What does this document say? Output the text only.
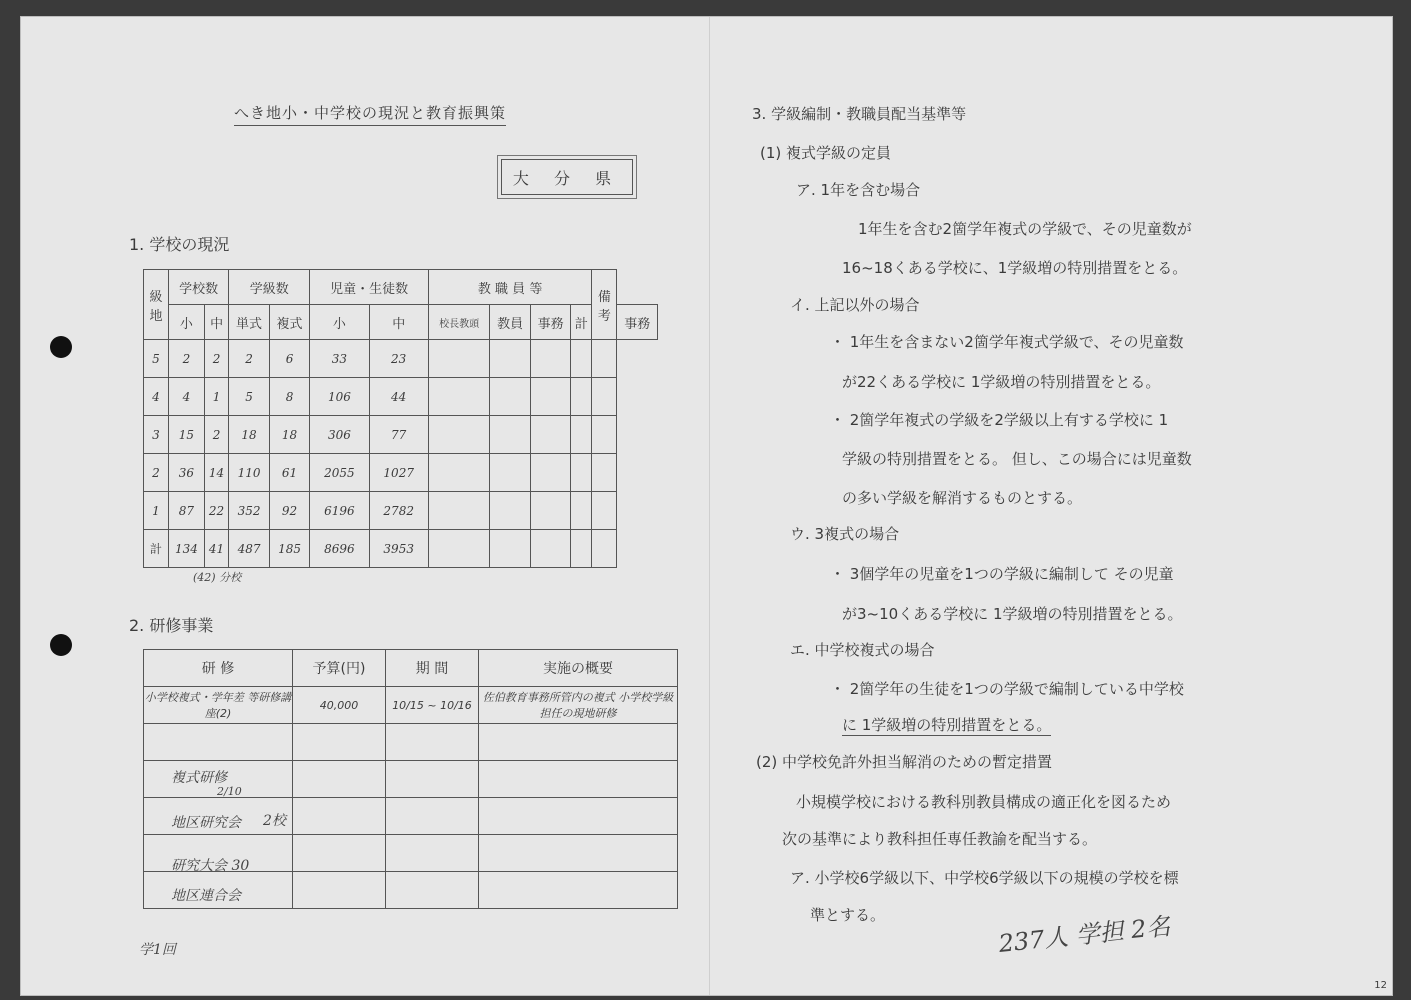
へき地小・中学校の現況と教育振興策
大 分 県
1. 学校の現況
級地	学校数		学級数		児童・生徒数		教 職 員 等				備考	
	小	中	単式	複式	小	中	校長教頭	教員	事務	計		事務
5	2	2	2	6	33	23						
4	4	1	5	8	106	44						
3	15	2	18	18	306	77						
2	36	14	110	61	2055	1027						
1	87	22	352	92	6196	2782						
計	134	41	487	185	8696	3953						
(42) 分校
2. 研修事業
研 修	予算(円)	期 間	実施の概要
小学校複式・学年差 等研修講座(2)	40,000	10/15 ~ 10/16	佐伯教育事務所管内の複式 小学校学級担任の現地研修

複式研修
2/10
地区研究会 2校
研究大会 30
地区連合会
学1回
3. 学級編制・教職員配当基準等
(1) 複式学級の定員
ア. 1年を含む場合
1年生を含む2箇学年複式の学級で、その児童数が
16~18くある学校に、1学級増の特別措置をとる。
イ. 上記以外の場合
・ 1年生を含まない2箇学年複式学級で、その児童数
が22くある学校に 1学級増の特別措置をとる。
・ 2箇学年複式の学級を2学級以上有する学校に 1
学級の特別措置をとる。 但し、この場合には児童数
の多い学級を解消するものとする。
ウ. 3複式の場合
・ 3個学年の児童を1つの学級に編制して その児童
が3~10くある学校に 1学級増の特別措置をとる。
エ. 中学校複式の場合
・ 2箇学年の生徒を1つの学級で編制している中学校
に 1学級増の特別措置をとる。
(2) 中学校免許外担当解消のための暫定措置
小規模学校における教科別教員構成の適正化を図るため
次の基準により教科担任専任教諭を配当する。
ア. 小学校6学級以下、中学校6学級以下の規模の学校を標
準とする。	237人 学担 2名
12
